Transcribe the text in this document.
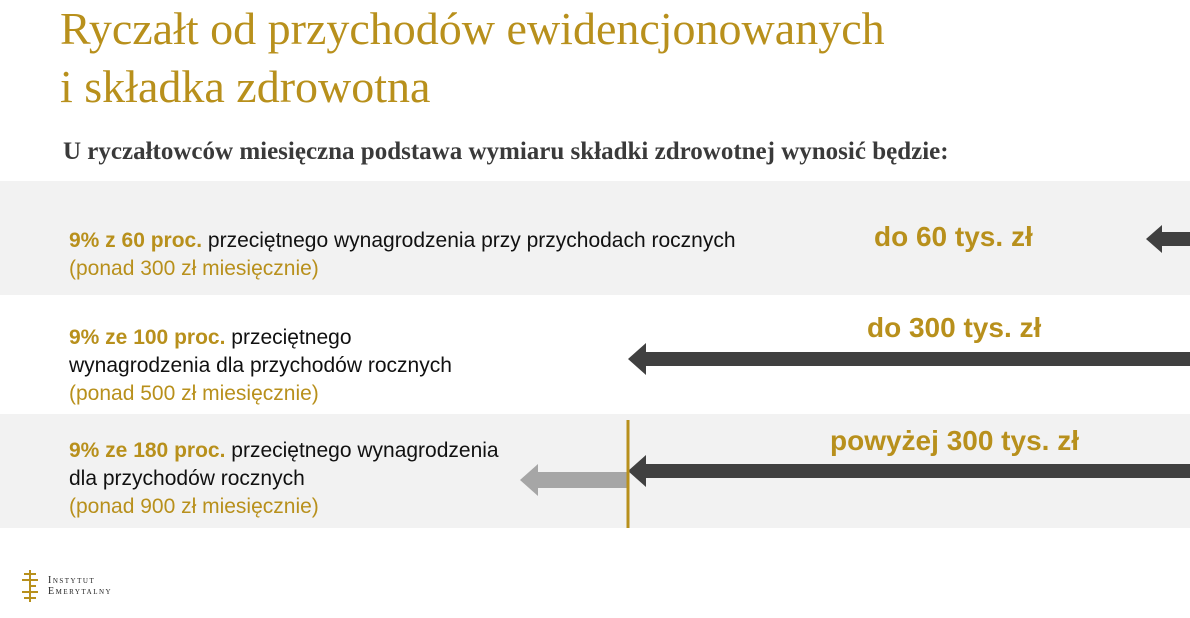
Ryczałt od przychodów ewidencjonowanych
i składka zdrowotna

U ryczałtowców miesięczna podstawa wymiaru składki zdrowotnej wynosić będzie:

9% z 60 proc. przeciętnego wynagrodzenia przy przychodach rocznych
(ponad 300 zł miesięcznie)
do 60 tys. zł
9% ze 100 proc. przeciętnego
wynagrodzenia dla przychodów rocznych
(ponad 500 zł miesięcznie)
do 300 tys. zł
9% ze 180 proc. przeciętnego wynagrodzenia
dla przychodów rocznych
(ponad 900 zł miesięcznie)
powyżej 300 tys. zł
Instytut
Emerytalny
